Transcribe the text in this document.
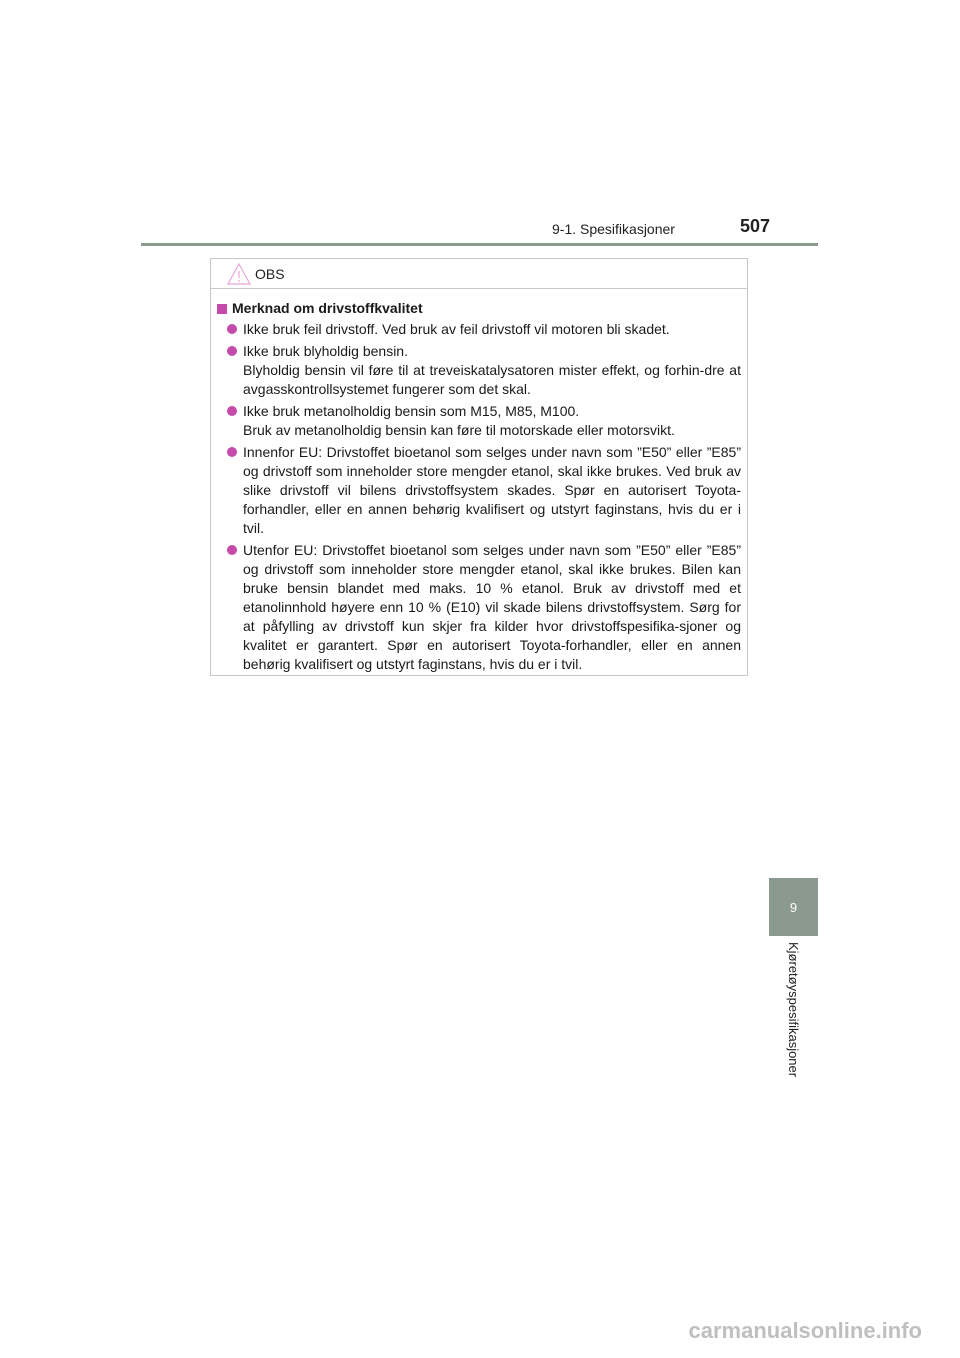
9-1. Spesifikasjoner	507
9
Kjøretøyspesifikasjoner
OBS
Merknad om drivstoffkvalitet
Ikke bruk feil drivstoff. Ved bruk av feil drivstoff vil motoren bli skadet.
Ikke bruk blyholdig bensin.
Blyholdig bensin vil føre til at treveiskatalysatoren mister effekt, og forhin-dre at avgasskontrollsystemet fungerer som det skal.
Ikke bruk metanolholdig bensin som M15, M85, M100.
Bruk av metanolholdig bensin kan føre til motorskade eller motorsvikt.
Innenfor EU: Drivstoffet bioetanol som selges under navn som ”E50” eller ”E85” og drivstoff som inneholder store mengder etanol, skal ikke brukes. Ved bruk av slike drivstoff vil bilens drivstoffsystem skades. Spør en autorisert Toyota-forhandler, eller en annen behørig kvalifisert og utstyrt faginstans, hvis du er i tvil.
Utenfor EU: Drivstoffet bioetanol som selges under navn som ”E50” eller ”E85” og drivstoff som inneholder store mengder etanol, skal ikke brukes. Bilen kan bruke bensin blandet med maks. 10 % etanol. Bruk av drivstoff med et etanolinnhold høyere enn 10 % (E10) vil skade bilens drivstoffsystem. Sørg for at påfylling av drivstoff kun skjer fra kilder hvor drivstoffspesifika-sjoner og kvalitet er garantert. Spør en autorisert Toyota-forhandler, eller en annen behørig kvalifisert og utstyrt faginstans, hvis du er i tvil.
carmanualsonline.info
